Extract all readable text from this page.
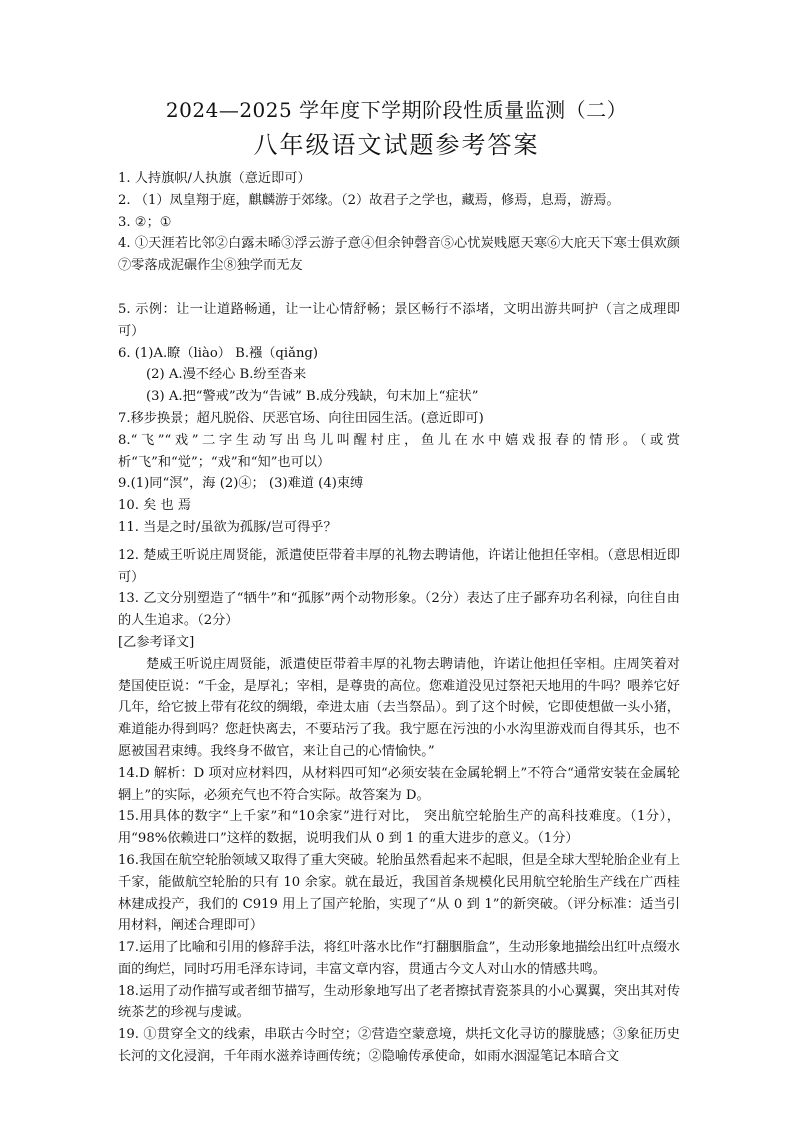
2024—2025 学年度下学期阶段性质量监测（二）
八年级语文试题参考答案

1. 人持旗帜/人执旗（意近即可）

2. （1）凤皇翔于庭，麒麟游于郊缘。（2）故君子之学也，藏焉，修焉，息焉，游焉。

3. ②；①

4. ①天涯若比邻②白露未晞③浮云游子意④但余钟磬音⑤心忧炭贱愿天寒⑥大庇天下寒士俱欢颜⑦零落成泥碾作尘⑧独学而无友

5. 示例：让一让道路畅通，让一让心情舒畅；景区畅行不添堵，文明出游共呵护（言之成理即可）

6. (1)A.瞭（liào） B.襁（qiǎng)

(2) A.漫不经心 B.纷至沓来

(3) A.把“警戒”改为“告诫” B.成分残缺，句末加上“症状”

7.移步换景；超凡脱俗、厌恶官场、向往田园生活。(意近即可)

8.“飞”“戏”二字生动写出鸟儿叫醒村庄，鱼儿在水中嬉戏报春的情形。（或赏析“飞”和“觉”；“戏”和“知”也可以）

9.(1)同“溟”，海 (2)④； (3)难道 (4)束缚

10. 矣 也 焉

11. 当是之时/虽欲为孤豚/岂可得乎？

12. 楚威王听说庄周贤能，派遣使臣带着丰厚的礼物去聘请他，许诺让他担任宰相。（意思相近即可）

13. 乙文分别塑造了“牺牛”和“孤豚”两个动物形象。（2分）表达了庄子鄙弃功名利禄，向往自由的人生追求。（2分）

[乙参考译文]

楚威王听说庄周贤能，派遣使臣带着丰厚的礼物去聘请他，许诺让他担任宰相。庄周笑着对楚国使臣说：“千金，是厚礼；宰相，是尊贵的高位。您难道没见过祭祀天地用的牛吗？喂养它好几年，给它披上带有花纹的绸缎，牵进太庙（去当祭品）。到了这个时候，它即使想做一头小猪，难道能办得到吗？您赶快离去，不要玷污了我。我宁愿在污浊的小水沟里游戏而自得其乐，也不愿被国君束缚。我终身不做官，来让自己的心情愉快。”

14.D 解析：D 项对应材料四，从材料四可知“必须安装在金属轮辋上”不符合“通常安装在金属轮辋上”的实际，必须充气也不符合实际。故答案为 D。

15.用具体的数字“上千家”和“10余家”进行对比， 突出航空轮胎生产的高科技难度。（1分），用“98%依赖进口”这样的数据，说明我们从 0 到 1 的重大进步的意义。（1分）

16.我国在航空轮胎领域又取得了重大突破。轮胎虽然看起来不起眼，但是全球大型轮胎企业有上千家，能做航空轮胎的只有 10 余家。就在最近，我国首条规模化民用航空轮胎生产线在广西桂林建成投产，我们的 C919 用上了国产轮胎，实现了“从 0 到 1”的新突破。（评分标准：适当引用材料，阐述合理即可）

17.运用了比喻和引用的修辞手法，将红叶落水比作“打翻胭脂盒”，生动形象地描绘出红叶点缀水面的绚烂，同时巧用毛泽东诗词，丰富文章内容，贯通古今文人对山水的情感共鸣。

18.运用了动作描写或者细节描写，生动形象地写出了老者擦拭青瓷茶具的小心翼翼，突出其对传统茶艺的珍视与虔诚。

19. ①贯穿全文的线索，串联古今时空；②营造空蒙意境，烘托文化寻访的朦胧感；③象征历史长河的文化浸润，千年雨水滋养诗画传统；②隐喻传承使命，如雨水洇湿笔记本暗合文
